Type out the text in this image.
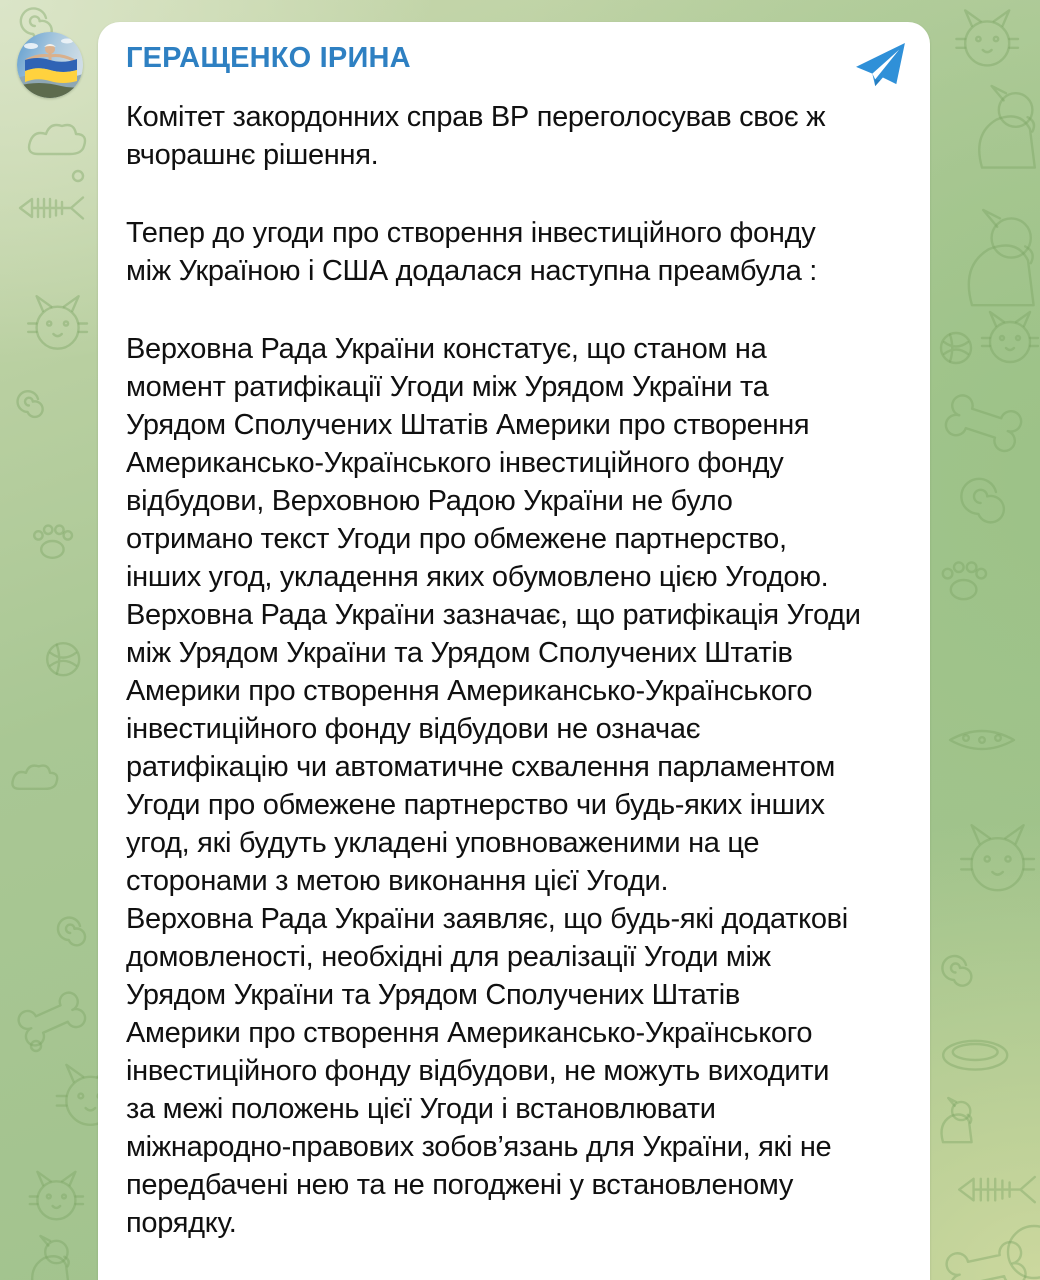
ГЕРАЩЕНКО ІРИНА
Комітет закордонних справ ВР переголосував своє ж
вчорашнє рішення.
Тепер до угоди про створення інвестиційного фонду
між Україною і США додалася наступна преамбула :
Верховна Рада України констатує, що станом на
момент ратифікації Угоди між Урядом України та
Урядом Сполучених Штатів Америки про створення
Американсько-Українського інвестиційного фонду
відбудови, Верховною Радою України не було
отримано текст Угоди про обмежене партнерство,
інших угод, укладення яких обумовлено цією Угодою.
Верховна Рада України зазначає, що ратифікація Угоди
між Урядом України та Урядом Сполучених Штатів
Америки про створення Американсько-Українського
інвестиційного фонду відбудови не означає
ратифікацію чи автоматичне схвалення парламентом
Угоди про обмежене партнерство чи будь-яких інших
угод, які будуть укладені уповноваженими на це
сторонами з метою виконання цієї Угоди.
Верховна Рада України заявляє, що будь-які додаткові
домовленості, необхідні для реалізації Угоди між
Урядом України та Урядом Сполучених Штатів
Америки про створення Американсько-Українського
інвестиційного фонду відбудови, не можуть виходити
за межі положень цієї Угоди і встановлювати
міжнародно-правових зобов’язань для України, які не
передбачені нею та не погоджені у встановленому
порядку.
